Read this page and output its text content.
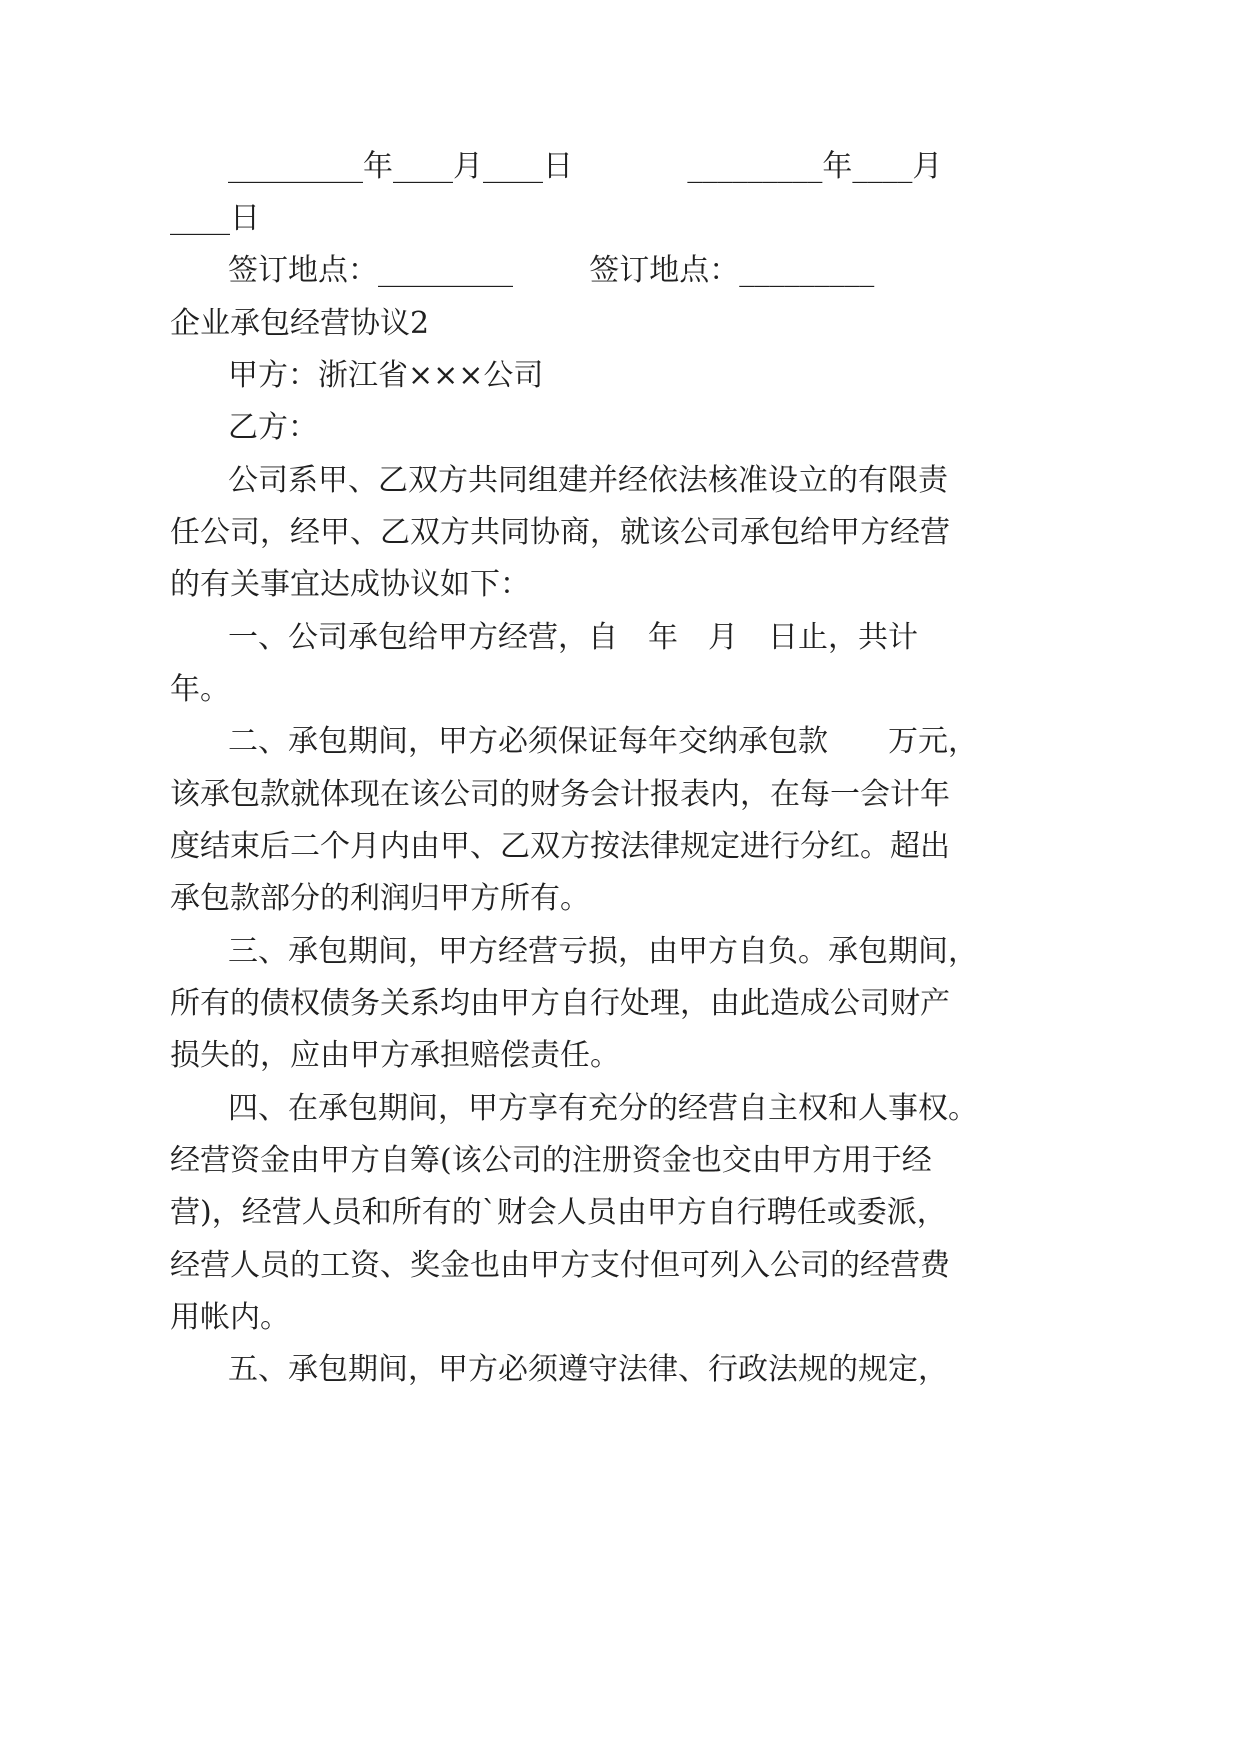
_________年____月____日            _________年____月

____日

签订地点：_________        签订地点：_________

企业承包经营协议2

甲方：浙江省×××公司

乙方：

公司系甲、乙双方共同组建并经依法核准设立的有限责

任公司，经甲、乙双方共同协商，就该公司承包给甲方经营

的有关事宜达成协议如下：

一、公司承包给甲方经营，自　年　月　日止，共计

年。

二、承包期间，甲方必须保证每年交纳承包款　　万元，

该承包款就体现在该公司的财务会计报表内，在每一会计年

度结束后二个月内由甲、乙双方按法律规定进行分红。超出

承包款部分的利润归甲方所有。

三、承包期间，甲方经营亏损，由甲方自负。承包期间，

所有的债权债务关系均由甲方自行处理，由此造成公司财产

损失的，应由甲方承担赔偿责任。

四、在承包期间，甲方享有充分的经营自主权和人事权。

经营资金由甲方自筹(该公司的注册资金也交由甲方用于经

营)，经营人员和所有的`财会人员由甲方自行聘任或委派，

经营人员的工资、奖金也由甲方支付但可列入公司的经营费

用帐内。

五、承包期间，甲方必须遵守法律、行政法规的规定，
